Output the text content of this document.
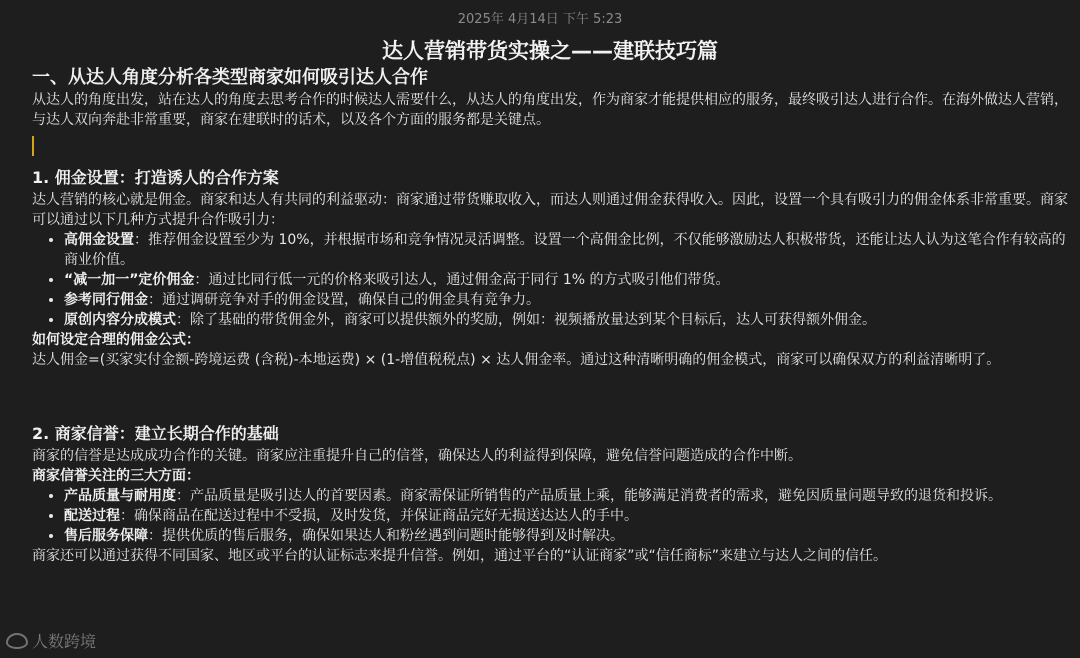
2025年 4月14日 下午 5:23
达人营销带货实操之——建联技巧篇
一、从达人角度分析各类型商家如何吸引达人合作

从达人的角度出发，站在达人的角度去思考合作的时候达人需要什么，从达人的角度出发，作为商家才能提供相应的服务，最终吸引达人进行合作。在海外做达人营销，与达人双向奔赴非常重要，商家在建联时的话术，以及各个方面的服务都是关键点。

1. 佣金设置：打造诱人的合作方案

达人营销的核心就是佣金。商家和达人有共同的利益驱动：商家通过带货赚取收入，而达人则通过佣金获得收入。因此，设置一个具有吸引力的佣金体系非常重要。商家可以通过以下几种方式提升合作吸引力：

• 高佣金设置：推荐佣金设置至少为 10%，并根据市场和竞争情况灵活调整。设置一个高佣金比例，不仅能够激励达人积极带货，还能让达人认为这笔合作有较高的商业价值。
• “减一加一”定价佣金：通过比同行低一元的价格来吸引达人，通过佣金高于同行 1% 的方式吸引他们带货。
• 参考同行佣金：通过调研竞争对手的佣金设置，确保自己的佣金具有竞争力。
• 原创内容分成模式：除了基础的带货佣金外，商家可以提供额外的奖励，例如：视频播放量达到某个目标后，达人可获得额外佣金。

如何设定合理的佣金公式：

达人佣金=(买家实付金额-跨境运费 (含税)-本地运费) × (1-增值税税点) × 达人佣金率。通过这种清晰明确的佣金模式，商家可以确保双方的利益清晰明了。

2. 商家信誉：建立长期合作的基础

商家的信誉是达成成功合作的关键。商家应注重提升自己的信誉，确保达人的利益得到保障，避免信誉问题造成的合作中断。

商家信誉关注的三大方面：

• 产品质量与耐用度：产品质量是吸引达人的首要因素。商家需保证所销售的产品质量上乘，能够满足消费者的需求，避免因质量问题导致的退货和投诉。
• 配送过程：确保商品在配送过程中不受损，及时发货，并保证商品完好无损送达达人的手中。
• 售后服务保障：提供优质的售后服务，确保如果达人和粉丝遇到问题时能够得到及时解决。

商家还可以通过获得不同国家、地区或平台的认证标志来提升信誉。例如，通过平台的“认证商家”或“信任商标”来建立与达人之间的信任。

人数跨境
